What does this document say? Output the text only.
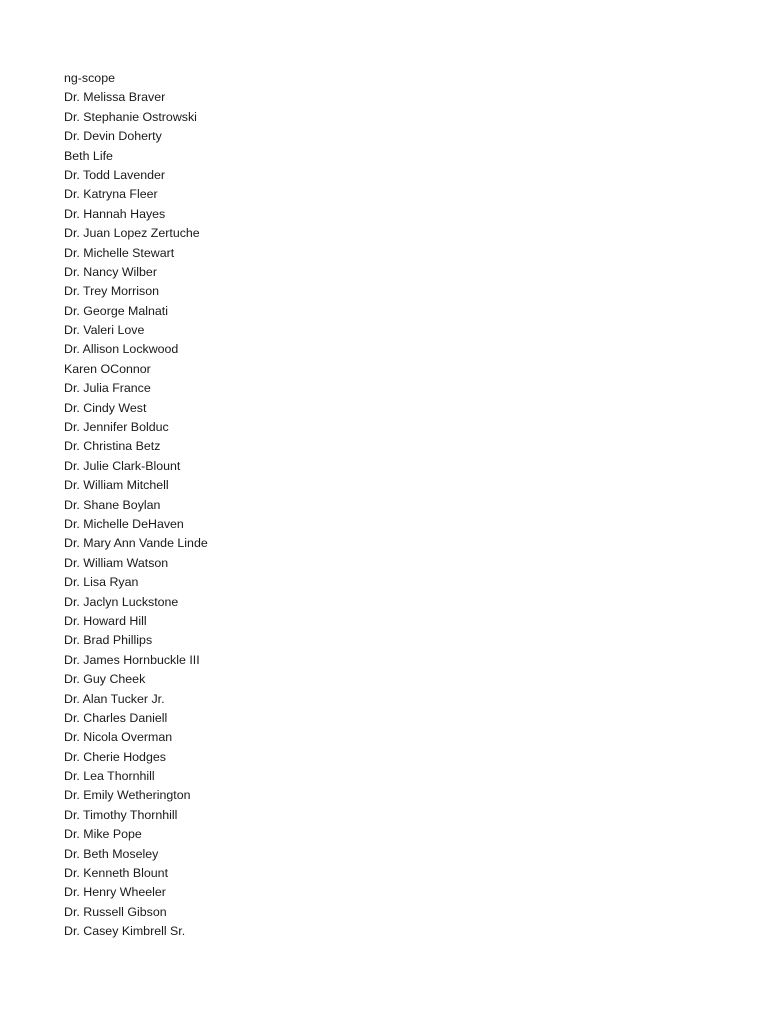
ng-scope
Dr. Melissa Braver
Dr. Stephanie Ostrowski
Dr. Devin Doherty
Beth Life
Dr. Todd Lavender
Dr. Katryna Fleer
Dr. Hannah Hayes
Dr. Juan Lopez Zertuche
Dr. Michelle Stewart
Dr. Nancy Wilber
Dr. Trey Morrison
Dr. George Malnati
Dr. Valeri Love
Dr. Allison Lockwood
Karen OConnor
Dr. Julia France
Dr. Cindy West
Dr. Jennifer Bolduc
Dr. Christina Betz
Dr. Julie Clark-Blount
Dr. William Mitchell
Dr. Shane Boylan
Dr. Michelle DeHaven
Dr. Mary Ann Vande Linde
Dr. William Watson
Dr. Lisa Ryan
Dr. Jaclyn Luckstone
Dr. Howard Hill
Dr. Brad Phillips
Dr. James Hornbuckle III
Dr. Guy Cheek
Dr. Alan Tucker Jr.
Dr. Charles Daniell
Dr. Nicola Overman
Dr. Cherie Hodges
Dr. Lea Thornhill
Dr. Emily Wetherington
Dr. Timothy Thornhill
Dr. Mike Pope
Dr. Beth Moseley
Dr. Kenneth Blount
Dr. Henry Wheeler
Dr. Russell Gibson
Dr. Casey Kimbrell Sr.
